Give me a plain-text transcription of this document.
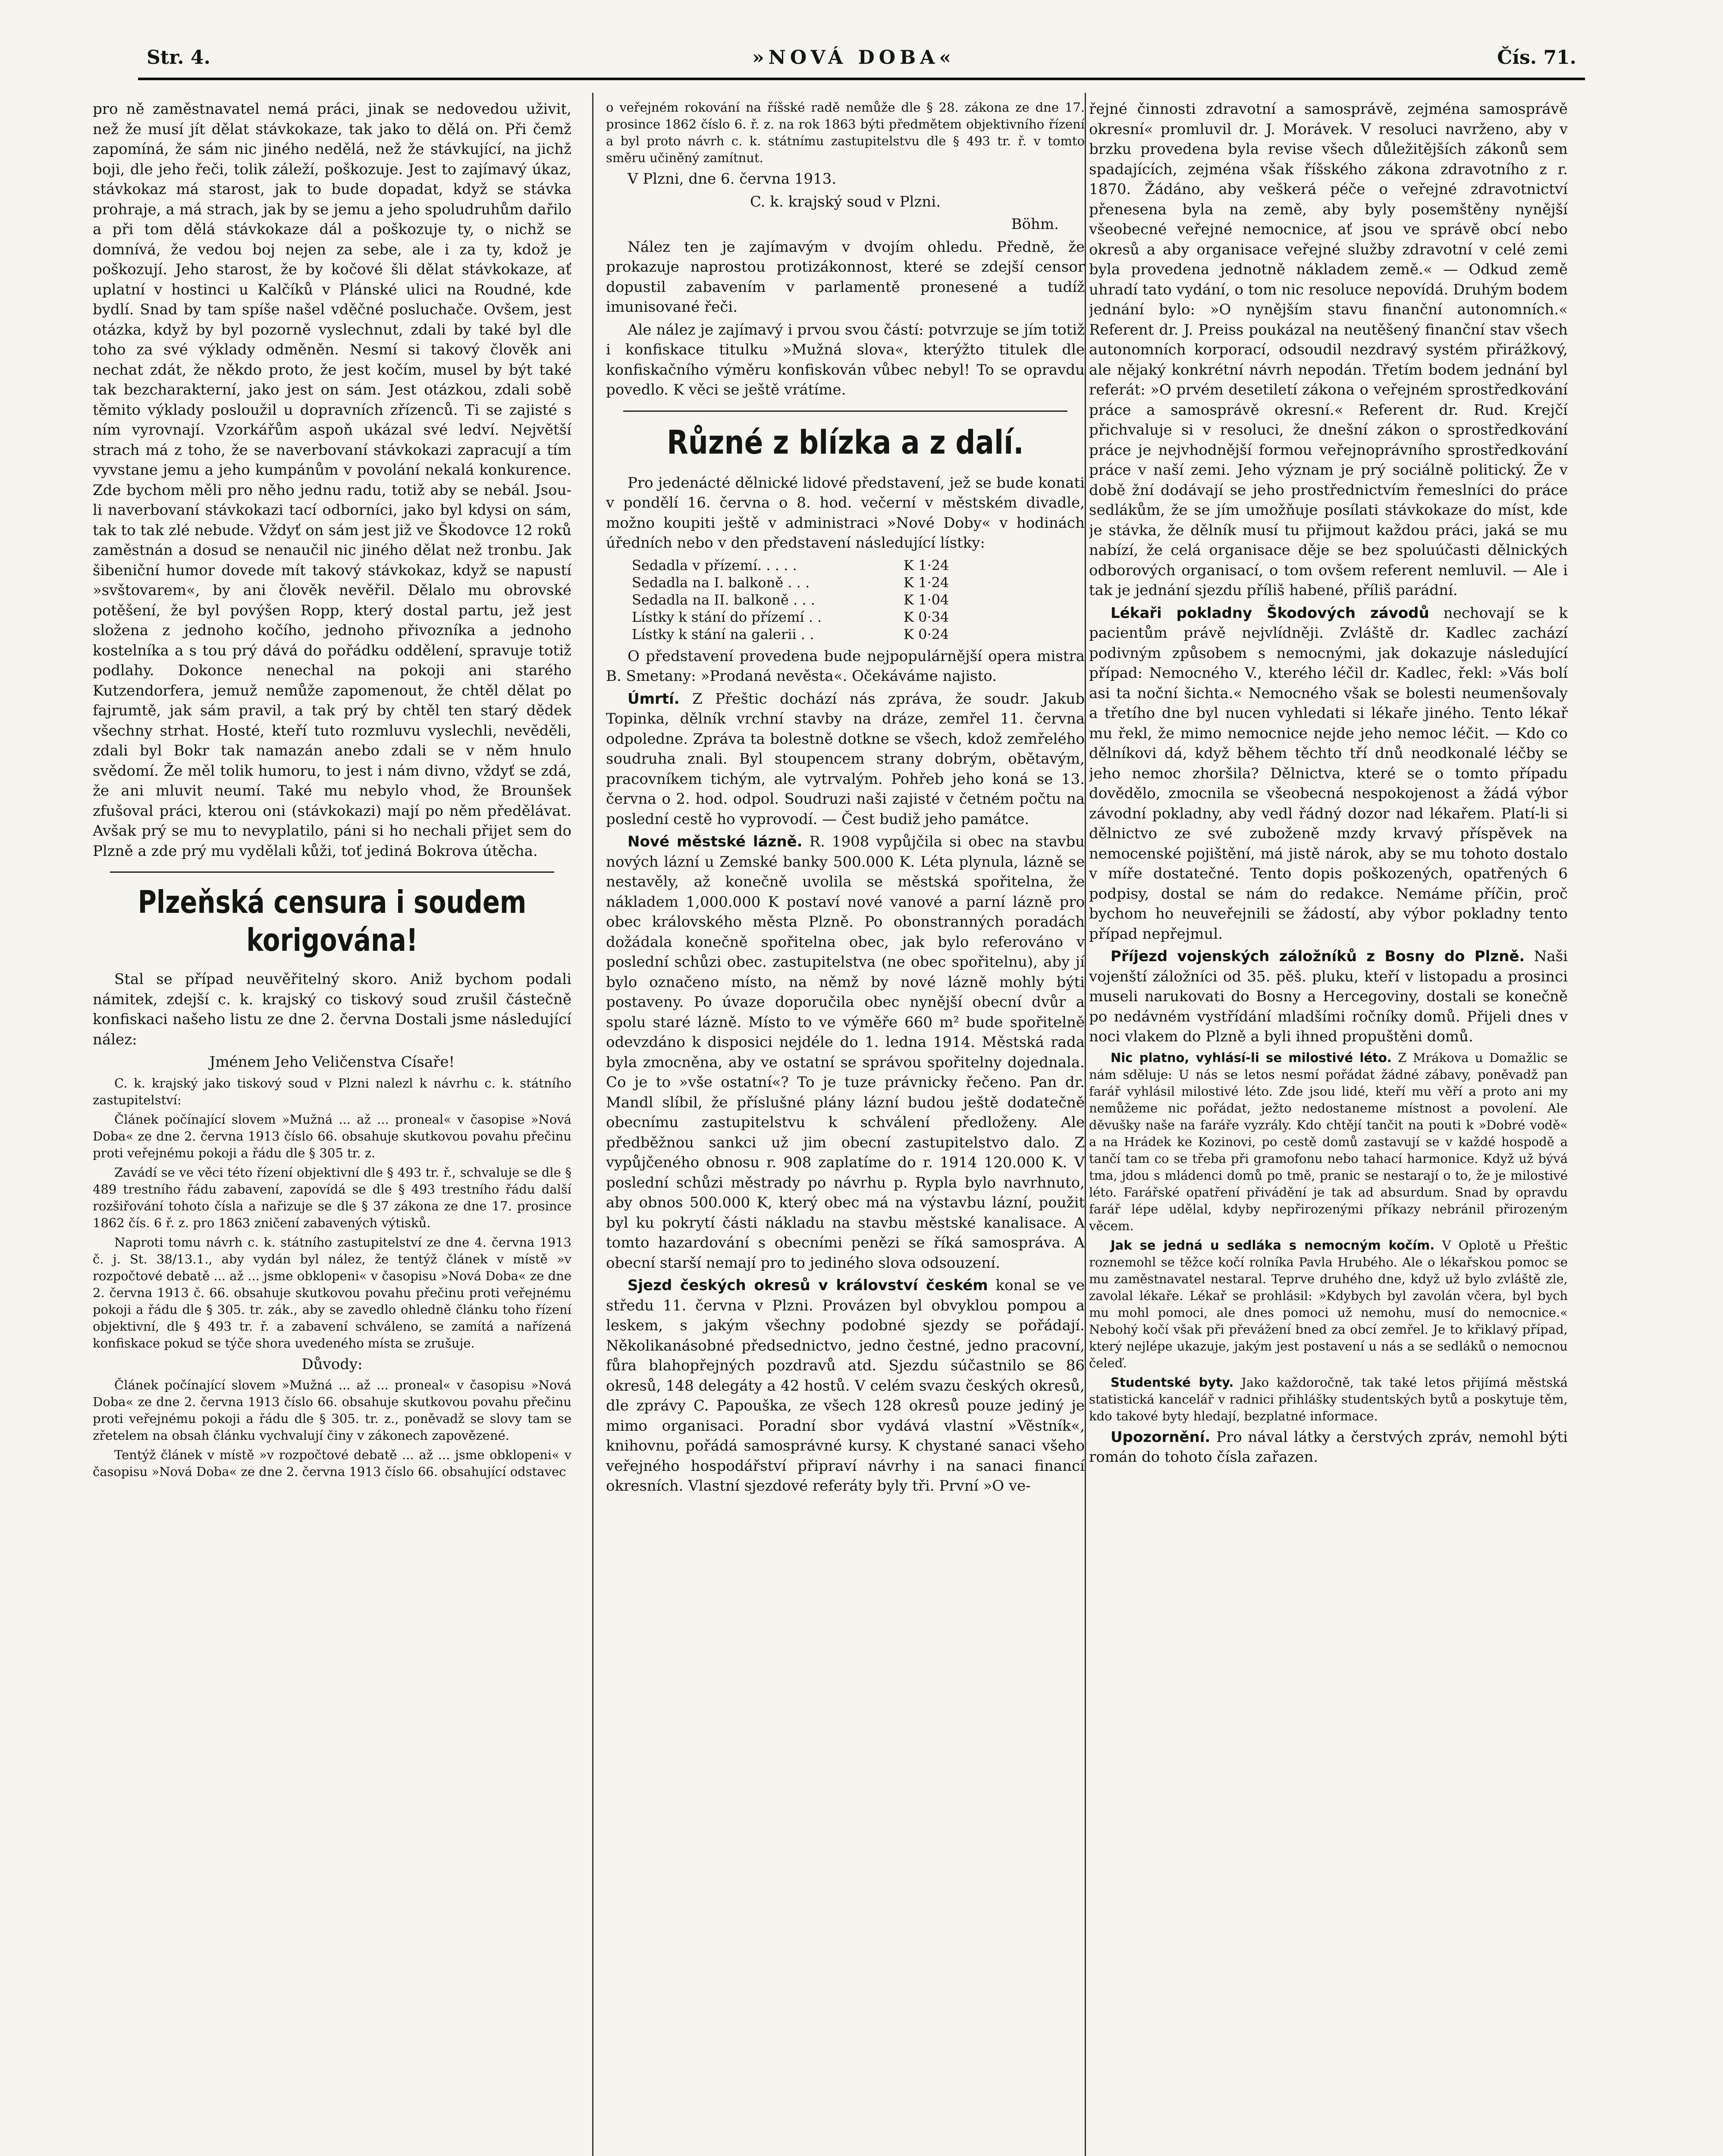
Str. 4.	»NOVÁ DOBA«	Čís. 71.

pro ně zaměstnavatel nemá práci, jinak se nedovedou uživit, než že musí jít dělat stávkokaze, tak jako to dělá on. Při čemž zapomíná, že sám nic jiného nedělá, než že stávkující, na jichž boji, dle jeho řeči, tolik záleží, poškozuje. Jest to zajímavý úkaz, stávkokaz má starost, jak to bude dopadat, když se stávka prohraje, a má strach, jak by se jemu a jeho spoludruhům dařilo a při tom dělá stávkokaze dál a poškozuje ty, o nichž se domnívá, že vedou boj nejen za sebe, ale i za ty, kdož je poškozují. Jeho starost, že by kočové šli dělat stávkokaze, ať uplatní v hostinci u Kalčíků v Plánské ulici na Roudné, kde bydlí. Snad by tam spíše našel vděčné posluchače. Ovšem, jest otázka, když by byl pozorně vyslechnut, zdali by také byl dle toho za své výklady odměněn. Nesmí si takový člověk ani nechat zdát, že někdo proto, že jest kočím, musel by být také tak bezcharakterní, jako jest on sám. Jest otázkou, zdali sobě těmito výklady posloužil u dopravních zřízenců. Ti se zajisté s ním vyrovnají. Vzorkářům aspoň ukázal své ledví. Největší strach má z toho, že se naverbovaní stávkokazi zapracují a tím vyvstane jemu a jeho kumpánům v povolání nekalá konkurence. Zde bychom měli pro něho jednu radu, totiž aby se nebál. Jsou-li naverbovaní stávkokazi tací odborníci, jako byl kdysi on sám, tak to tak zlé nebude. Vždyť on sám jest již ve Škodovce 12 roků zaměstnán a dosud se nenaučil nic jiného dělat než tronbu. Jak šibeniční humor dovede mít takový stávkokaz, když se napustí »svštovarem«, by ani člověk nevěřil. Dělalo mu obrovské potěšení, že byl povýšen Ropp, který dostal partu, jež jest složena z jednoho kočího, jednoho přivozníka a jednoho kostelníka a s tou prý dává do pořádku oddělení, spravuje totiž podlahy. Dokonce nenechal na pokoji ani starého Kutzendorfera, jemuž nemůže zapomenout, že chtěl dělat po fajrumtě, jak sám pravil, a tak prý by chtěl ten starý dědek všechny strhat. Hosté, kteří tuto rozmluvu vyslechli, nevěděli, zdali byl Bokr tak namazán anebo zdali se v něm hnulo svědomí. Že měl tolik humoru, to jest i nám divno, vždyť se zdá, že ani mluvit neumí. Také mu nebylo vhod, že Brounšek zfušoval práci, kterou oni (stávkokazi) mají po něm předělávat. Avšak prý se mu to nevyplatilo, páni si ho nechali přijet sem do Plzně a zde prý mu vydělali kůži, toť jediná Bokrova útěcha.

Plzeňská censura i soudem korigována!

Stal se případ neuvěřitelný skoro. Aniž bychom podali námitek, zdejší c. k. krajský co tiskový soud zrušil částečně konfiskaci našeho listu ze dne 2. června Dostali jsme následující nález:

Jménem Jeho Veličenstva Císaře!

C. k. krajský jako tiskový soud v Plzni nalezl k návrhu c. k. státního zastupitelství:

Článek počínající slovem »Mužná ... až ... proneal« v časopise »Nová Doba« ze dne 2. června 1913 číslo 66. obsahuje skutkovou povahu přečinu proti veřejnému pokoji a řádu dle § 305 tr. z.

Zavádí se ve věci této řízení objektivní dle § 493 tr. ř., schvaluje se dle § 489 trestního řádu zabavení, zapovídá se dle § 493 trestního řádu další rozšiřování tohoto čísla a nařizuje se dle § 37 zákona ze dne 17. prosince 1862 čís. 6 ř. z. pro 1863 zničení zabavených výtisků.

Naproti tomu návrh c. k. státního zastupitelství ze dne 4. června 1913 č. j. St. 38/13.1., aby vydán byl nález, že tentýž článek v místě »v rozpočtové debatě ... až ... jsme obklopeni« v časopisu »Nová Doba« ze dne 2. června 1913 č. 66. obsahuje skutkovou povahu přečinu proti veřejnému pokoji a řádu dle § 305. tr. zák., aby se zavedlo ohledně článku toho řízení objektivní, dle § 493 tr. ř. a zabavení schváleno, se zamítá a nařízená konfiskace pokud se týče shora uvedeného místa se zrušuje.

Důvody:

Článek počínající slovem »Mužná ... až ... proneal« v časopisu »Nová Doba« ze dne 2. června 1913 číslo 66. obsahuje skutkovou povahu přečinu proti veřejnému pokoji a řádu dle § 305. tr. z., poněvadž se slovy tam se zřetelem na obsah článku vychvalují činy v zákonech zapovězené.

Tentýž článek v místě »v rozpočtové debatě ... až ... jsme obklopeni« v časopisu »Nová Doba« ze dne 2. června 1913 číslo 66. obsahující odstavec

o veřejném rokování na říšské radě nemůže dle § 28. zákona ze dne 17. prosince 1862 číslo 6. ř. z. na rok 1863 býti předmětem objektivního řízení a byl proto návrh c. k. státnímu zastupitelstvu dle § 493 tr. ř. v tomto směru učiněný zamítnut.

V Plzni, dne 6. června 1913.

C. k. krajský soud v Plzni.

Böhm.

Nález ten je zajímavým v dvojím ohledu. Předně, že prokazuje naprostou protizákonnost, které se zdejší censor dopustil zabavením v parlamentě pronesené a tudíž imunisované řeči.

Ale nález je zajímavý i prvou svou částí: potvrzuje se jím totiž i konfiskace titulku »Mužná slova«, kterýžto titulek dle konfiskačního výměru konfiskován vůbec nebyl! To se opravdu povedlo. K věci se ještě vrátíme.

Různé z blízka a z dalí.

Pro jedenácté dělnické lidové představení, jež se bude konati v pondělí 16. června o 8. hod. večerní v městském divadle, možno koupiti ještě v administraci »Nové Doby« v hodinách úředních nebo v den představení následující lístky:

Sedadla v přízemí. . . . .	K 1·24
Sedadla na I. balkoně . . .	K 1·24
Sedadla na II. balkoně . . .	K 1·04
Lístky k stání do přízemí . .	K 0·34
Lístky k stání na galerii . .	K 0·24

O představení provedena bude nejpopulárnější opera mistra B. Smetany: »Prodaná nevěsta«. Očekáváme najisto.

Úmrtí. Z Přeštic dochází nás zpráva, že soudr. Jakub Topinka, dělník vrchní stavby na dráze, zemřel 11. června odpoledne. Zpráva ta bolestně dotkne se všech, kdož zemřelého soudruha znali. Byl stoupencem strany dobrým, obětavým, pracovníkem tichým, ale vytrvalým. Pohřeb jeho koná se 13. června o 2. hod. odpol. Soudruzi naši zajisté v četném počtu na poslední cestě ho vyprovodí. — Čest budiž jeho památce.

Nové městské lázně. R. 1908 vypůjčila si obec na stavbu nových lázní u Zemské banky 500.000 K. Léta plynula, lázně se nestavěly, až konečně uvolila se městská spořitelna, že nákladem 1,000.000 K postaví nové vanové a parní lázně pro obec královského města Plzně. Po obonstranných poradách dožádala konečně spořitelna obec, jak bylo referováno v poslední schůzi obec. zastupitelstva (ne obec spořitelnu), aby jí bylo označeno místo, na němž by nové lázně mohly býti postaveny. Po úvaze doporučila obec nynější obecní dvůr a spolu staré lázně. Místo to ve výměře 660 m² bude spořitelně odevzdáno k disposici nejdéle do 1. ledna 1914. Městská rada byla zmocněna, aby ve ostatní se správou spořitelny dojednala. Co je to »vše ostatní«? To je tuze právnicky řečeno. Pan dr. Mandl slíbil, že příslušné plány lázní budou ještě dodatečně obecnímu zastupitelstvu k schválení předloženy. Ale předběžnou sankci už jim obecní zastupitelstvo dalo. Z vypůjčeného obnosu r. 908 zaplatíme do r. 1914 120.000 K. V poslední schůzi městrady po návrhu p. Rypla bylo navrhnuto, aby obnos 500.000 K, který obec má na výstavbu lázní, použit byl ku pokrytí části nákladu na stavbu městské kanalisace. A tomto hazardování s obecními penězi se říká samospráva. A obecní starší nemají pro to jediného slova odsouzení.

Sjezd českých okresů v království českém konal se ve středu 11. června v Plzni. Provázen byl obvyklou pompou a leskem, s jakým všechny podobné sjezdy se pořádají. Několikanásobné předsednictvo, jedno čestné, jedno pracovní, fůra blahopřejných pozdravů atd. Sjezdu súčastnilo se 86 okresů, 148 delegáty a 42 hostů. V celém svazu českých okresů, dle zprávy C. Papouška, ze všech 128 okresů pouze jediný je mimo organisaci. Poradní sbor vydává vlastní »Věstník«, knihovnu, pořádá samosprávné kursy. K chystané sanaci všeho veřejného hospodářství připraví návrhy i na sanaci financí okresních. Vlastní sjezdové referáty byly tři. První »O ve-

řejné činnosti zdravotní a samosprávě, zejména samosprávě okresní« promluvil dr. J. Morávek. V resoluci navrženo, aby v brzku provedena byla revise všech důležitějších zákonů sem spadajících, zejména však říšského zákona zdravotního z r. 1870. Žádáno, aby veškerá péče o veřejné zdravotnictví přenesena byla na země, aby byly posemštěny nynější všeobecné veřejné nemocnice, ať jsou ve správě obcí nebo okresů a aby organisace veřejné služby zdravotní v celé zemi byla provedena jednotně nákladem země.« — Odkud země uhradí tato vydání, o tom nic resoluce nepovídá. Druhým bodem jednání bylo: »O nynějším stavu finanční autonomních.« Referent dr. J. Preiss poukázal na neutěšený finanční stav všech autonomních korporací, odsoudil nezdravý systém přirážkový, ale nějaký konkrétní návrh nepodán. Třetím bodem jednání byl referát: »O prvém desetiletí zákona o veřejném sprostředkování práce a samosprávě okresní.« Referent dr. Rud. Krejčí přichvaluje si v resoluci, že dnešní zákon o sprostředkování práce je nejvhodnější formou veřejnoprávního sprostředkování práce v naší zemi. Jeho význam je prý sociálně politický. Že v době žní dodávají se jeho prostřednictvím řemeslníci do práce sedlákům, že se jím umožňuje posílati stávkokaze do míst, kde je stávka, že dělník musí tu přijmout každou práci, jaká se mu nabízí, že celá organisace děje se bez spoluúčasti dělnických odborových organisací, o tom ovšem referent nemluvil. — Ale i tak je jednání sjezdu příliš habené, příliš parádní.

Lékaři pokladny Škodových závodů nechovají se k pacientům právě nejvlídněji. Zvláště dr. Kadlec zachází podivným způsobem s nemocnými, jak dokazuje následující případ: Nemocného V., kterého léčil dr. Kadlec, řekl: »Vás bolí asi ta noční šichta.« Nemocného však se bolesti neumenšovaly a třetího dne byl nucen vyhledati si lékaře jiného. Tento lékař mu řekl, že mimo nemocnice nejde jeho nemoc léčit. — Kdo co dělníkovi dá, když během těchto tří dnů neodkonalé léčby se jeho nemoc zhoršila? Dělnictva, které se o tomto případu dovědělo, zmocnila se všeobecná nespokojenost a žádá výbor závodní pokladny, aby vedl řádný dozor nad lékařem. Platí-li si dělnictvo ze své zuboženě mzdy krvavý příspěvek na nemocenské pojištění, má jistě nárok, aby se mu tohoto dostalo v míře dostatečné. Tento dopis poškozených, opatřených 6 podpisy, dostal se nám do redakce. Nemáme příčin, proč bychom ho neuveřejnili se žádostí, aby výbor pokladny tento případ nepřejmul.

Příjezd vojenských záložníků z Bosny do Plzně. Naši vojenští záložníci od 35. pěš. pluku, kteří v listopadu a prosinci museli narukovati do Bosny a Hercegoviny, dostali se konečně po nedávném vystřídání mladšími ročníky domů. Přijeli dnes v noci vlakem do Plzně a byli ihned propuštěni domů.

Nic platno, vyhlásí-li se milostivé léto. Z Mrákova u Domažlic se nám sděluje: U nás se letos nesmí pořádat žádné zábavy, poněvadž pan farář vyhlásil milostivé léto. Zde jsou lidé, kteří mu věří a proto ani my nemůžeme nic pořádat, ježto nedostaneme místnost a povolení. Ale děvušky naše na faráře vyzrály. Kdo chtějí tančit na pouti k »Dobré vodě« a na Hrádek ke Kozinovi, po cestě domů zastavují se v každé hospodě a tančí tam co se třeba při gramofonu nebo tahací harmonice. Když už bývá tma, jdou s mládenci domů po tmě, pranic se nestarají o to, že je milostivé léto. Farářské opatření přivádění je tak ad absurdum. Snad by opravdu farář lépe udělal, kdyby nepřirozenými příkazy nebránil přirozeným věcem.

Jak se jedná u sedláka s nemocným kočím. V Oplotě u Přeštic roznemohl se těžce kočí rolníka Pavla Hrubého. Ale o lékařskou pomoc se mu zaměstnavatel nestaral. Teprve druhého dne, když už bylo zvláště zle, zavolal lékaře. Lékař se prohlásil: »Kdybych byl zavolán včera, byl bych mu mohl pomoci, ale dnes pomoci už nemohu, musí do nemocnice.« Nebohý kočí však při převážení bned za obcí zemřel. Je to křiklavý případ, který nejlépe ukazuje, jakým jest postavení u nás a se sedláků o nemocnou čeleď.

Studentské byty. Jako každoročně, tak také letos přijímá městská statistická kancelář v radnici přihlášky studentských bytů a poskytuje těm, kdo takové byty hledají, bezplatné informace.

Upozornění. Pro nával látky a čerstvých zpráv, nemohl býti román do tohoto čísla zařazen.
